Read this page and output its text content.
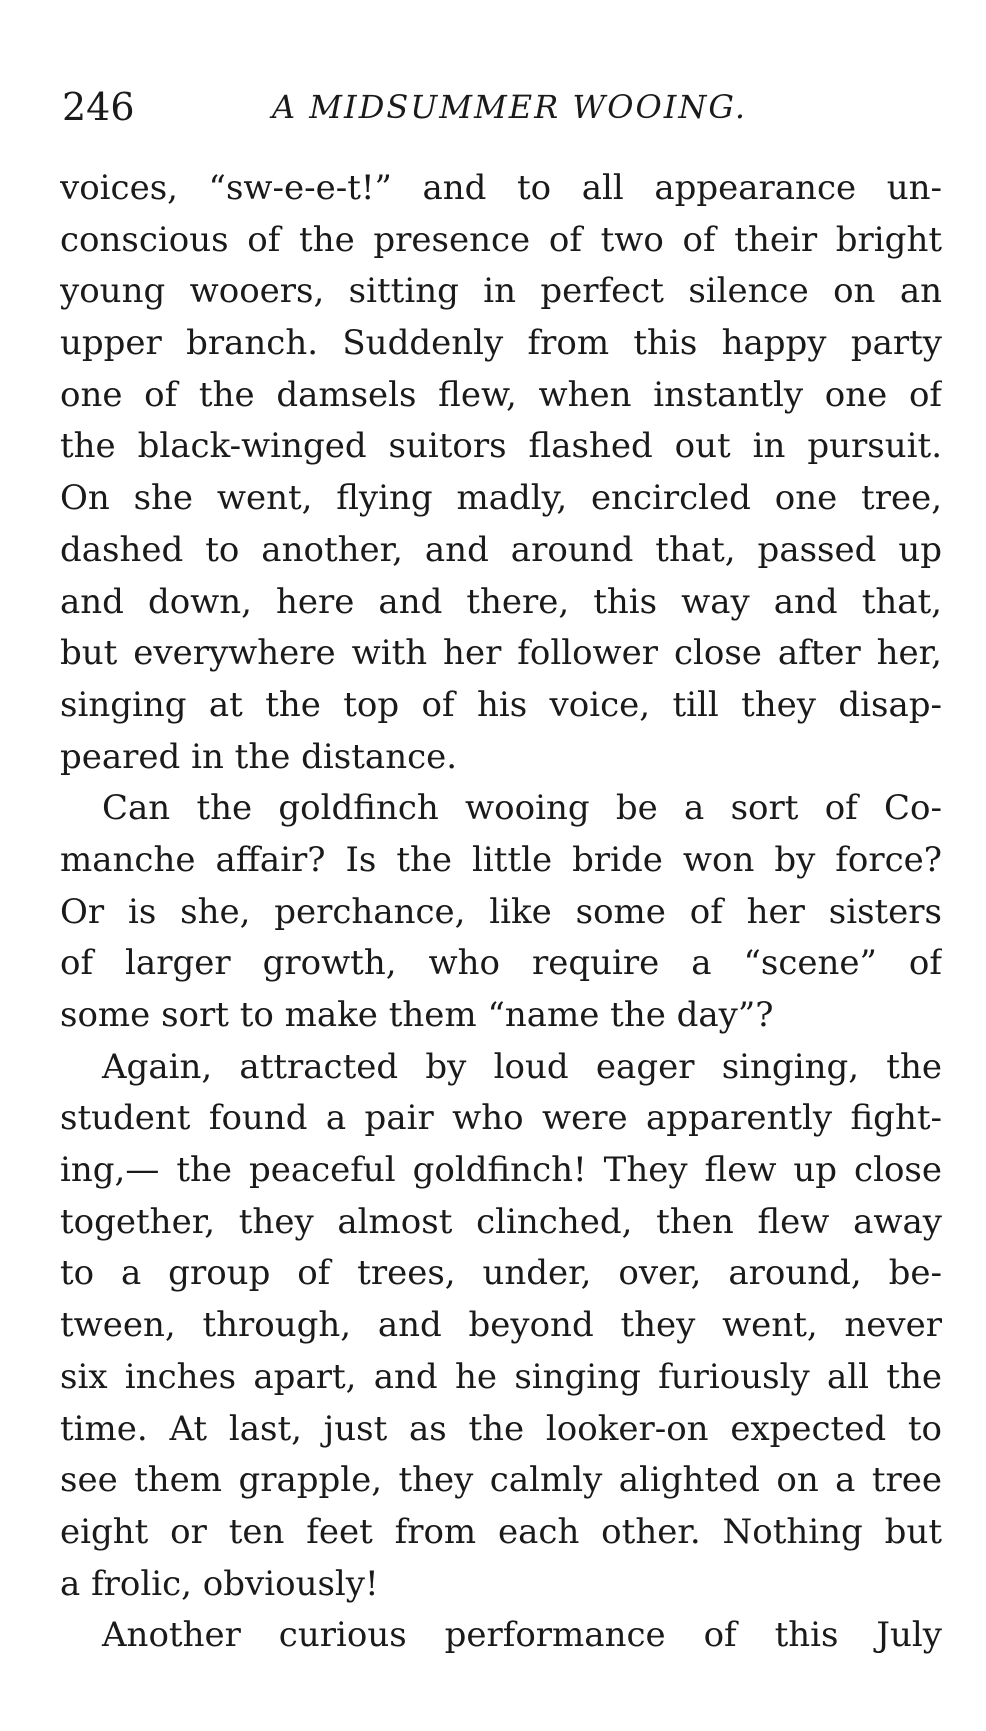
246	A MIDSUMMER WOOING.
voices, “sw-e-e-t!” and to all appearance un-
conscious of the presence of two of their bright
young wooers, sitting in perfect silence on an
upper branch. Suddenly from this happy party
one of the damsels flew, when instantly one of
the black-winged suitors flashed out in pursuit.
On she went, flying madly, encircled one tree,
dashed to another, and around that, passed up
and down, here and there, this way and that,
but everywhere with her follower close after her,
singing at the top of his voice, till they disap-
peared in the distance.
Can the goldfinch wooing be a sort of Co-
manche affair? Is the little bride won by force?
Or is she, perchance, like some of her sisters
of larger growth, who require a “scene” of
some sort to make them “name the day”?
Again, attracted by loud eager singing, the
student found a pair who were apparently fight-
ing,— the peaceful goldfinch! They flew up close
together, they almost clinched, then flew away
to a group of trees, under, over, around, be-
tween, through, and beyond they went, never
six inches apart, and he singing furiously all the
time. At last, just as the looker-on expected to
see them grapple, they calmly alighted on a tree
eight or ten feet from each other. Nothing but
a frolic, obviously!
Another curious performance of this July
